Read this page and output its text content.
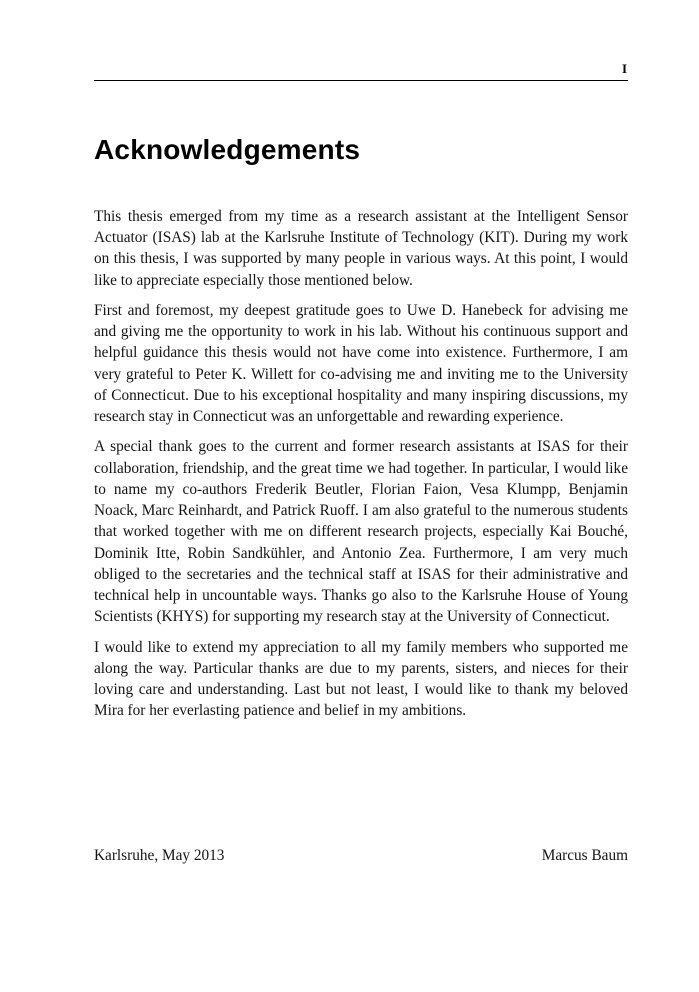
I
Acknowledgements

This thesis emerged from my time as a research assistant at the Intelligent Sensor Actuator (ISAS) lab at the Karlsruhe Institute of Technology (KIT). During my work on this thesis, I was supported by many people in various ways. At this point, I would like to appreciate especially those mentioned below.

First and foremost, my deepest gratitude goes to Uwe D. Hanebeck for advising me and giving me the opportunity to work in his lab. Without his continuous support and helpful guidance this thesis would not have come into existence. Furthermore, I am very grateful to Peter K. Willett for co-advising me and inviting me to the University of Connecticut. Due to his exceptional hospitality and many inspiring discussions, my research stay in Connecticut was an unforgettable and rewarding experience.

A special thank goes to the current and former research assistants at ISAS for their collaboration, friendship, and the great time we had together. In particular, I would like to name my co-authors Frederik Beutler, Florian Faion, Vesa Klumpp, Benjamin Noack, Marc Reinhardt, and Patrick Ruoff. I am also grateful to the numerous students that worked together with me on different research projects, especially Kai Bouché, Dominik Itte, Robin Sandkühler, and Antonio Zea. Furthermore, I am very much obliged to the secretaries and the technical staff at ISAS for their administrative and technical help in uncountable ways. Thanks go also to the Karlsruhe House of Young Scientists (KHYS) for supporting my research stay at the University of Connecticut.

I would like to extend my appreciation to all my family members who supported me along the way. Particular thanks are due to my parents, sisters, and nieces for their loving care and understanding. Last but not least, I would like to thank my beloved Mira for her everlasting patience and belief in my ambitions.

Karlsruhe, May 2013	Marcus Baum
